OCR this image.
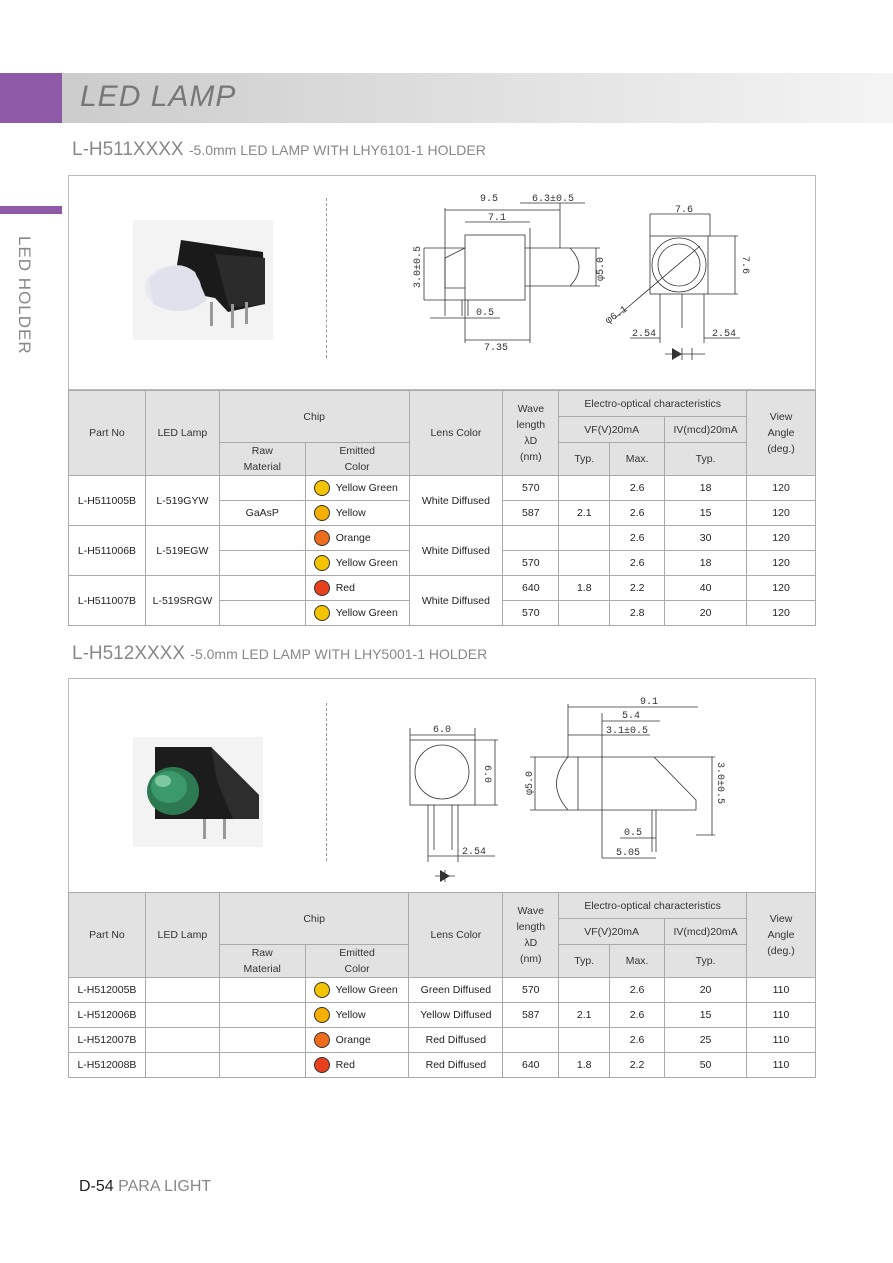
LED LAMP
LED HOLDER
L-H511XXXX -5.0mm LED LAMP WITH LHY6101-1 HOLDER
9.5	6.3±0.5
7.1
3.0±0.5
0.5
7.35
φ5.0
7.6
7.6
φ6.1
2.54	2.54
Part No	LED Lamp	Chip		Lens Color	Wave
length
λD
(nm)	Electro-optical characteristics			View
Angle
(deg.)
						VF(V)20mA		IV(mcd)20mA	
		Raw
Material	Emitted
Color			Typ.	Max.	Typ.	
L-H511005B	L-519GYW		Yellow Green	White Diffused	570		2.6	18	120
		GaAsP	Yellow		587	2.1	2.6	15	120
L-H511006B	L-519EGW		Orange	White Diffused			2.6	30	120
			Yellow Green		570		2.6	18	120
L-H511007B	L-519SRGW		Red	White Diffused	640	1.8	2.2	40	120
			Yellow Green		570		2.8	20	120
L-H512XXXX -5.0mm LED LAMP WITH LHY5001-1 HOLDER
6.0
6.0
2.54
φ5.0
9.1
5.4
3.1±0.5
3.0±0.5
0.5
5.05
Part No	LED Lamp	Chip		Lens Color	Wave
length
λD
(nm)	Electro-optical characteristics			View
Angle
(deg.)
						VF(V)20mA		IV(mcd)20mA	
		Raw
Material	Emitted
Color			Typ.	Max.	Typ.	
L-H512005B			Yellow Green	Green Diffused	570		2.6	20	110
L-H512006B			Yellow	Yellow Diffused	587	2.1	2.6	15	110
L-H512007B			Orange	Red Diffused			2.6	25	110
L-H512008B			Red	Red Diffused	640	1.8	2.2	50	110
D-54 PARA LIGHT
